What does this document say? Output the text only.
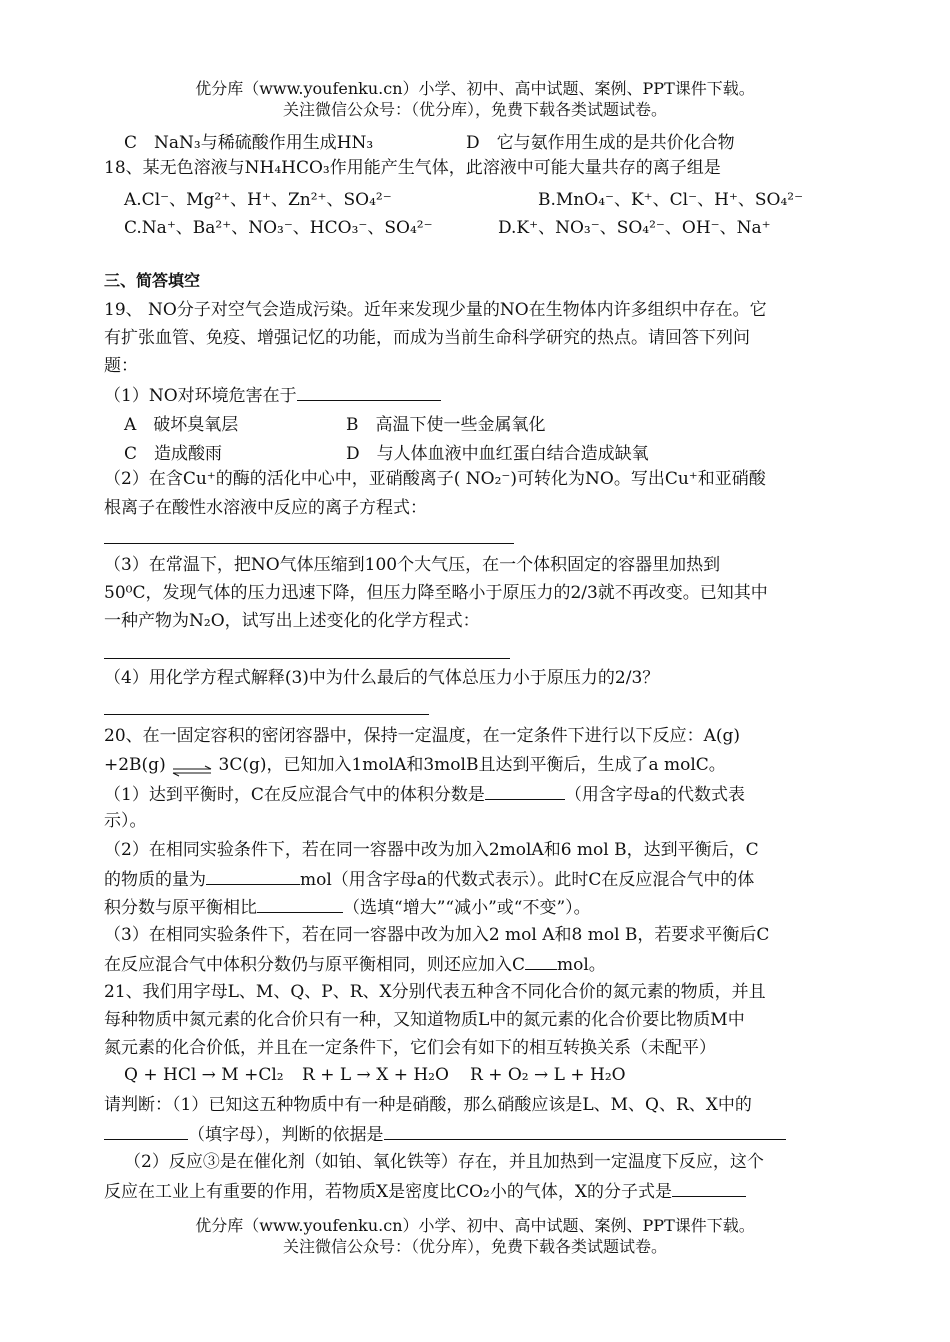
优分库（www.youfenku.cn）小学、初中、高中试题、案例、PPT课件下载。
关注微信公众号：（优分库），免费下载各类试题试卷。
C　NaN₃与稀硫酸作用生成HN₃	D　它与氨作用生成的是共价化合物
18、某无色溶液与NH₄HCO₃作用能产生气体，此溶液中可能大量共存的离子组是
A.Cl⁻、Mg²⁺、H⁺、Zn²⁺、SO₄²⁻	B.MnO₄⁻、K⁺、Cl⁻、H⁺、SO₄²⁻
C.Na⁺、Ba²⁺、NO₃⁻、HCO₃⁻、SO₄²⁻	D.K⁺、NO₃⁻、SO₄²⁻、OH⁻、Na⁺
三、简答填空
19、 NO分子对空气会造成污染。近年来发现少量的NO在生物体内许多组织中存在。它
有扩张血管、免疫、增强记忆的功能，而成为当前生命科学研究的热点。请回答下列问
题：
（1）NO对环境危害在于
A　破坏臭氧层	B　高温下使一些金属氧化
C　造成酸雨	D　与人体血液中血红蛋白结合造成缺氧
（2）在含Cu⁺的酶的活化中心中，亚硝酸离子( NO₂⁻)可转化为NO。写出Cu⁺和亚硝酸
根离子在酸性水溶液中反应的离子方程式：
（3）在常温下，把NO气体压缩到100个大气压，在一个体积固定的容器里加热到
50⁰C，发现气体的压力迅速下降，但压力降至略小于原压力的2/3就不再改变。已知其中
一种产物为N₂O，试写出上述变化的化学方程式：
（4）用化学方程式解释(3)中为什么最后的气体总压力小于原压力的2/3？
20、在一固定容积的密闭容器中，保持一定温度，在一定条件下进行以下反应：A(g)
+2B(g) ⇌ 3C(g)，已知加入1molA和3molB且达到平衡后，生成了a molC。
（1）达到平衡时，C在反应混合气中的体积分数是	（用含字母a的代数式表
示）。
（2）在相同实验条件下，若在同一容器中改为加入2molA和6 mol B，达到平衡后，C
的物质的量为	mol（用含字母a的代数式表示）。此时C在反应混合气中的体
积分数与原平衡相比	（选填“增大”“减小”或“不变”）。
（3）在相同实验条件下，若在同一容器中改为加入2 mol A和8 mol B，若要求平衡后C
在反应混合气中体积分数仍与原平衡相同，则还应加入C mol。
21、我们用字母L、M、Q、P、R、X分别代表五种含不同化合价的氮元素的物质，并且
每种物质中氮元素的化合价只有一种，又知道物质L中的氮元素的化合价要比物质M中
氮元素的化合价低，并且在一定条件下，它们会有如下的相互转换关系（未配平）
Q + HCl → M +Cl₂ R + L → X + H₂O R + O₂ → L + H₂O
请判断：（1）已知这五种物质中有一种是硝酸，那么硝酸应该是L、M、Q、R、X中的
（填字母），判断的依据是
（2）反应③是在催化剂（如铂、氧化铁等）存在，并且加热到一定温度下反应，这个
反应在工业上有重要的作用，若物质X是密度比CO₂小的气体，X的分子式是
优分库（www.youfenku.cn）小学、初中、高中试题、案例、PPT课件下载。
关注微信公众号：（优分库），免费下载各类试题试卷。
